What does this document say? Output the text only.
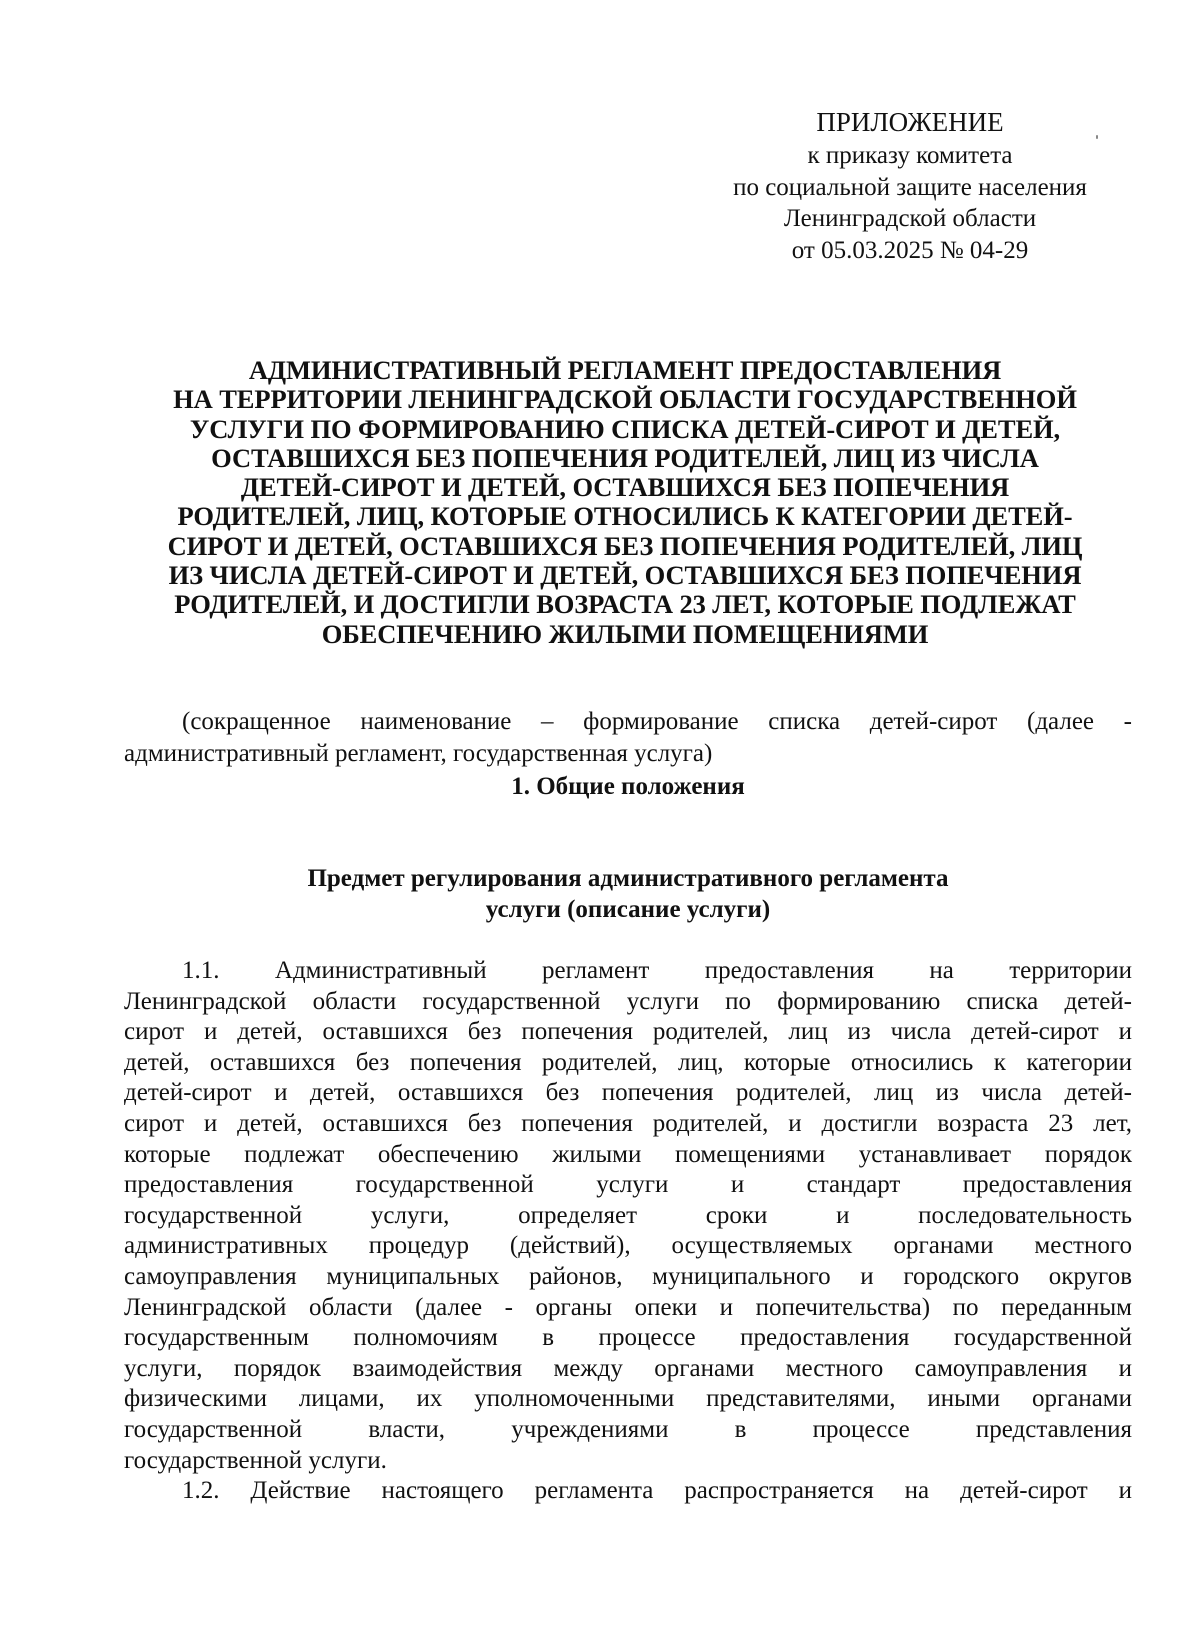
ПРИЛОЖЕНИЕ
к приказу комитета
по социальной защите населения
Ленинградской области
от 05.03.2025 № 04-29
АДМИНИСТРАТИВНЫЙ РЕГЛАМЕНТ ПРЕДОСТАВЛЕНИЯ
НА ТЕРРИТОРИИ ЛЕНИНГРАДСКОЙ ОБЛАСТИ ГОСУДАРСТВЕННОЙ
УСЛУГИ ПО ФОРМИРОВАНИЮ СПИСКА ДЕТЕЙ-СИРОТ И ДЕТЕЙ,
ОСТАВШИХСЯ БЕЗ ПОПЕЧЕНИЯ РОДИТЕЛЕЙ, ЛИЦ ИЗ ЧИСЛА
ДЕТЕЙ-СИРОТ И ДЕТЕЙ, ОСТАВШИХСЯ БЕЗ ПОПЕЧЕНИЯ
РОДИТЕЛЕЙ, ЛИЦ, КОТОРЫЕ ОТНОСИЛИСЬ К КАТЕГОРИИ ДЕТЕЙ-
СИРОТ И ДЕТЕЙ, ОСТАВШИХСЯ БЕЗ ПОПЕЧЕНИЯ РОДИТЕЛЕЙ, ЛИЦ
ИЗ ЧИСЛА ДЕТЕЙ-СИРОТ И ДЕТЕЙ, ОСТАВШИХСЯ БЕЗ ПОПЕЧЕНИЯ
РОДИТЕЛЕЙ, И ДОСТИГЛИ ВОЗРАСТА 23 ЛЕТ, КОТОРЫЕ ПОДЛЕЖАТ
ОБЕСПЕЧЕНИЮ ЖИЛЫМИ ПОМЕЩЕНИЯМИ
(сокращенное наименование – формирование списка детей-сирот (далее -
административный регламент, государственная услуга)
1. Общие положения
Предмет регулирования административного регламента
услуги (описание услуги)
1.1. Административный регламент предоставления на территории
Ленинградской области государственной услуги по формированию списка детей-
сирот и детей, оставшихся без попечения родителей, лиц из числа детей-сирот и
детей, оставшихся без попечения родителей, лиц, которые относились к категории
детей-сирот и детей, оставшихся без попечения родителей, лиц из числа детей-
сирот и детей, оставшихся без попечения родителей, и достигли возраста 23 лет,
которые подлежат обеспечению жилыми помещениями устанавливает порядок
предоставления государственной услуги и стандарт предоставления
государственной услуги, определяет сроки и последовательность
административных процедур (действий), осуществляемых органами местного
самоуправления муниципальных районов, муниципального и городского округов
Ленинградской области (далее - органы опеки и попечительства) по переданным
государственным полномочиям в процессе предоставления государственной
услуги, порядок взаимодействия между органами местного самоуправления и
физическими лицами, их уполномоченными представителями, иными органами
государственной власти, учреждениями в процессе представления
государственной услуги.
1.2. Действие настоящего регламента распространяется на детей-сирот и
